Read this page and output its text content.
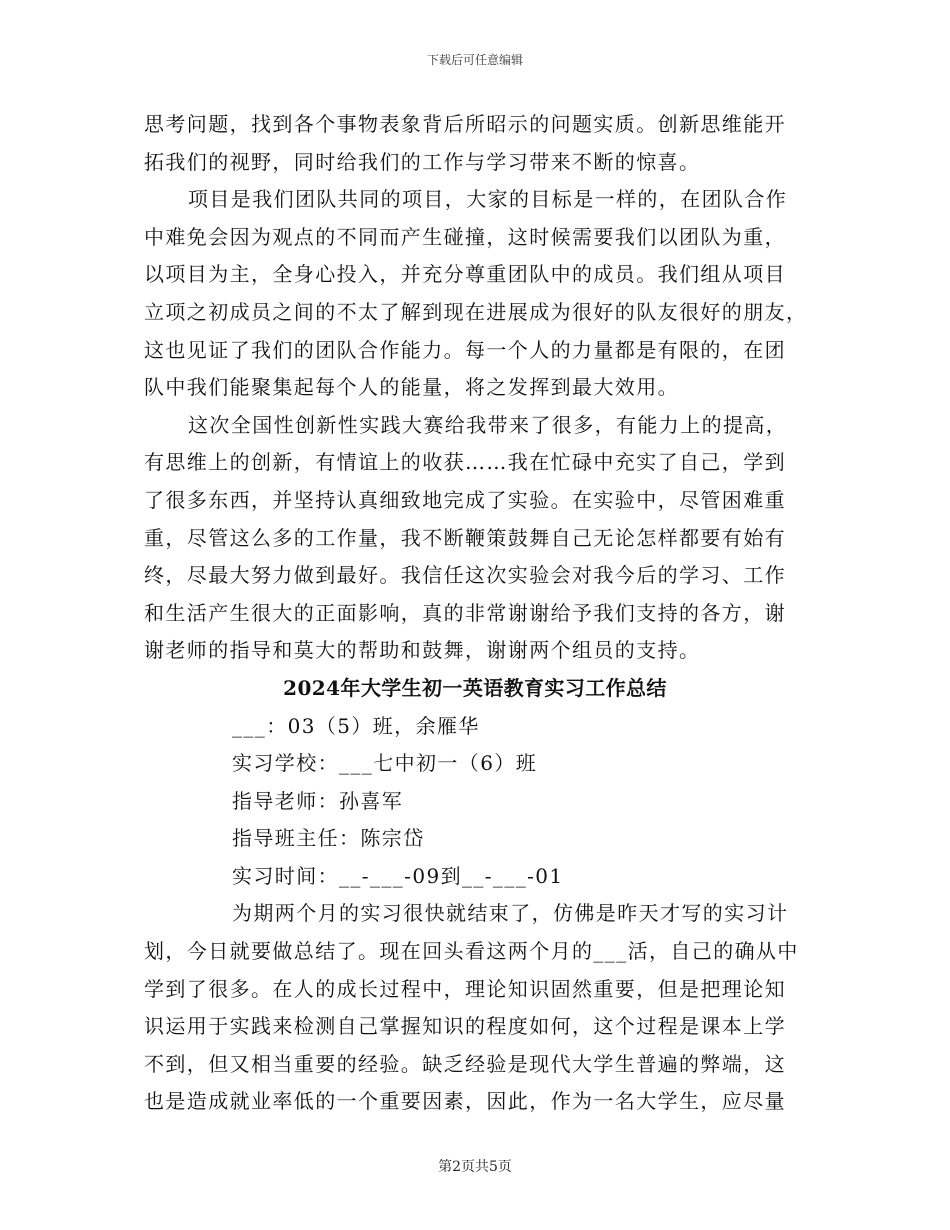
下载后可任意编辑
思考问题，找到各个事物表象背后所昭示的问题实质。创新思维能开
拓我们的视野，同时给我们的工作与学习带来不断的惊喜。
项目是我们团队共同的项目，大家的目标是一样的，在团队合作
中难免会因为观点的不同而产生碰撞，这时候需要我们以团队为重，
以项目为主，全身心投入，并充分尊重团队中的成员。我们组从项目
立项之初成员之间的不太了解到现在进展成为很好的队友很好的朋友，
这也见证了我们的团队合作能力。每一个人的力量都是有限的，在团
队中我们能聚集起每个人的能量，将之发挥到最大效用。
这次全国性创新性实践大赛给我带来了很多，有能力上的提高，
有思维上的创新，有情谊上的收获……我在忙碌中充实了自己，学到
了很多东西，并坚持认真细致地完成了实验。在实验中，尽管困难重
重，尽管这么多的工作量，我不断鞭策鼓舞自己无论怎样都要有始有
终，尽最大努力做到最好。我信任这次实验会对我今后的学习、工作
和生活产生很大的正面影响，真的非常谢谢给予我们支持的各方，谢
谢老师的指导和莫大的帮助和鼓舞，谢谢两个组员的支持。
2024年大学生初一英语教育实习工作总结
___：03（5）班，余雁华
实习学校：___七中初一（6）班
指导老师：孙喜军
指导班主任：陈宗岱
实习时间：__-___-09到__-___-01
为期两个月的实习很快就结束了，仿佛是昨天才写的实习计
划，今日就要做总结了。现在回头看这两个月的___活，自己的确从中
学到了很多。在人的成长过程中，理论知识固然重要，但是把理论知
识运用于实践来检测自己掌握知识的程度如何，这个过程是课本上学
不到，但又相当重要的经验。缺乏经验是现代大学生普遍的弊端，这
也是造成就业率低的一个重要因素，因此，作为一名大学生，应尽量
第2页共5页
